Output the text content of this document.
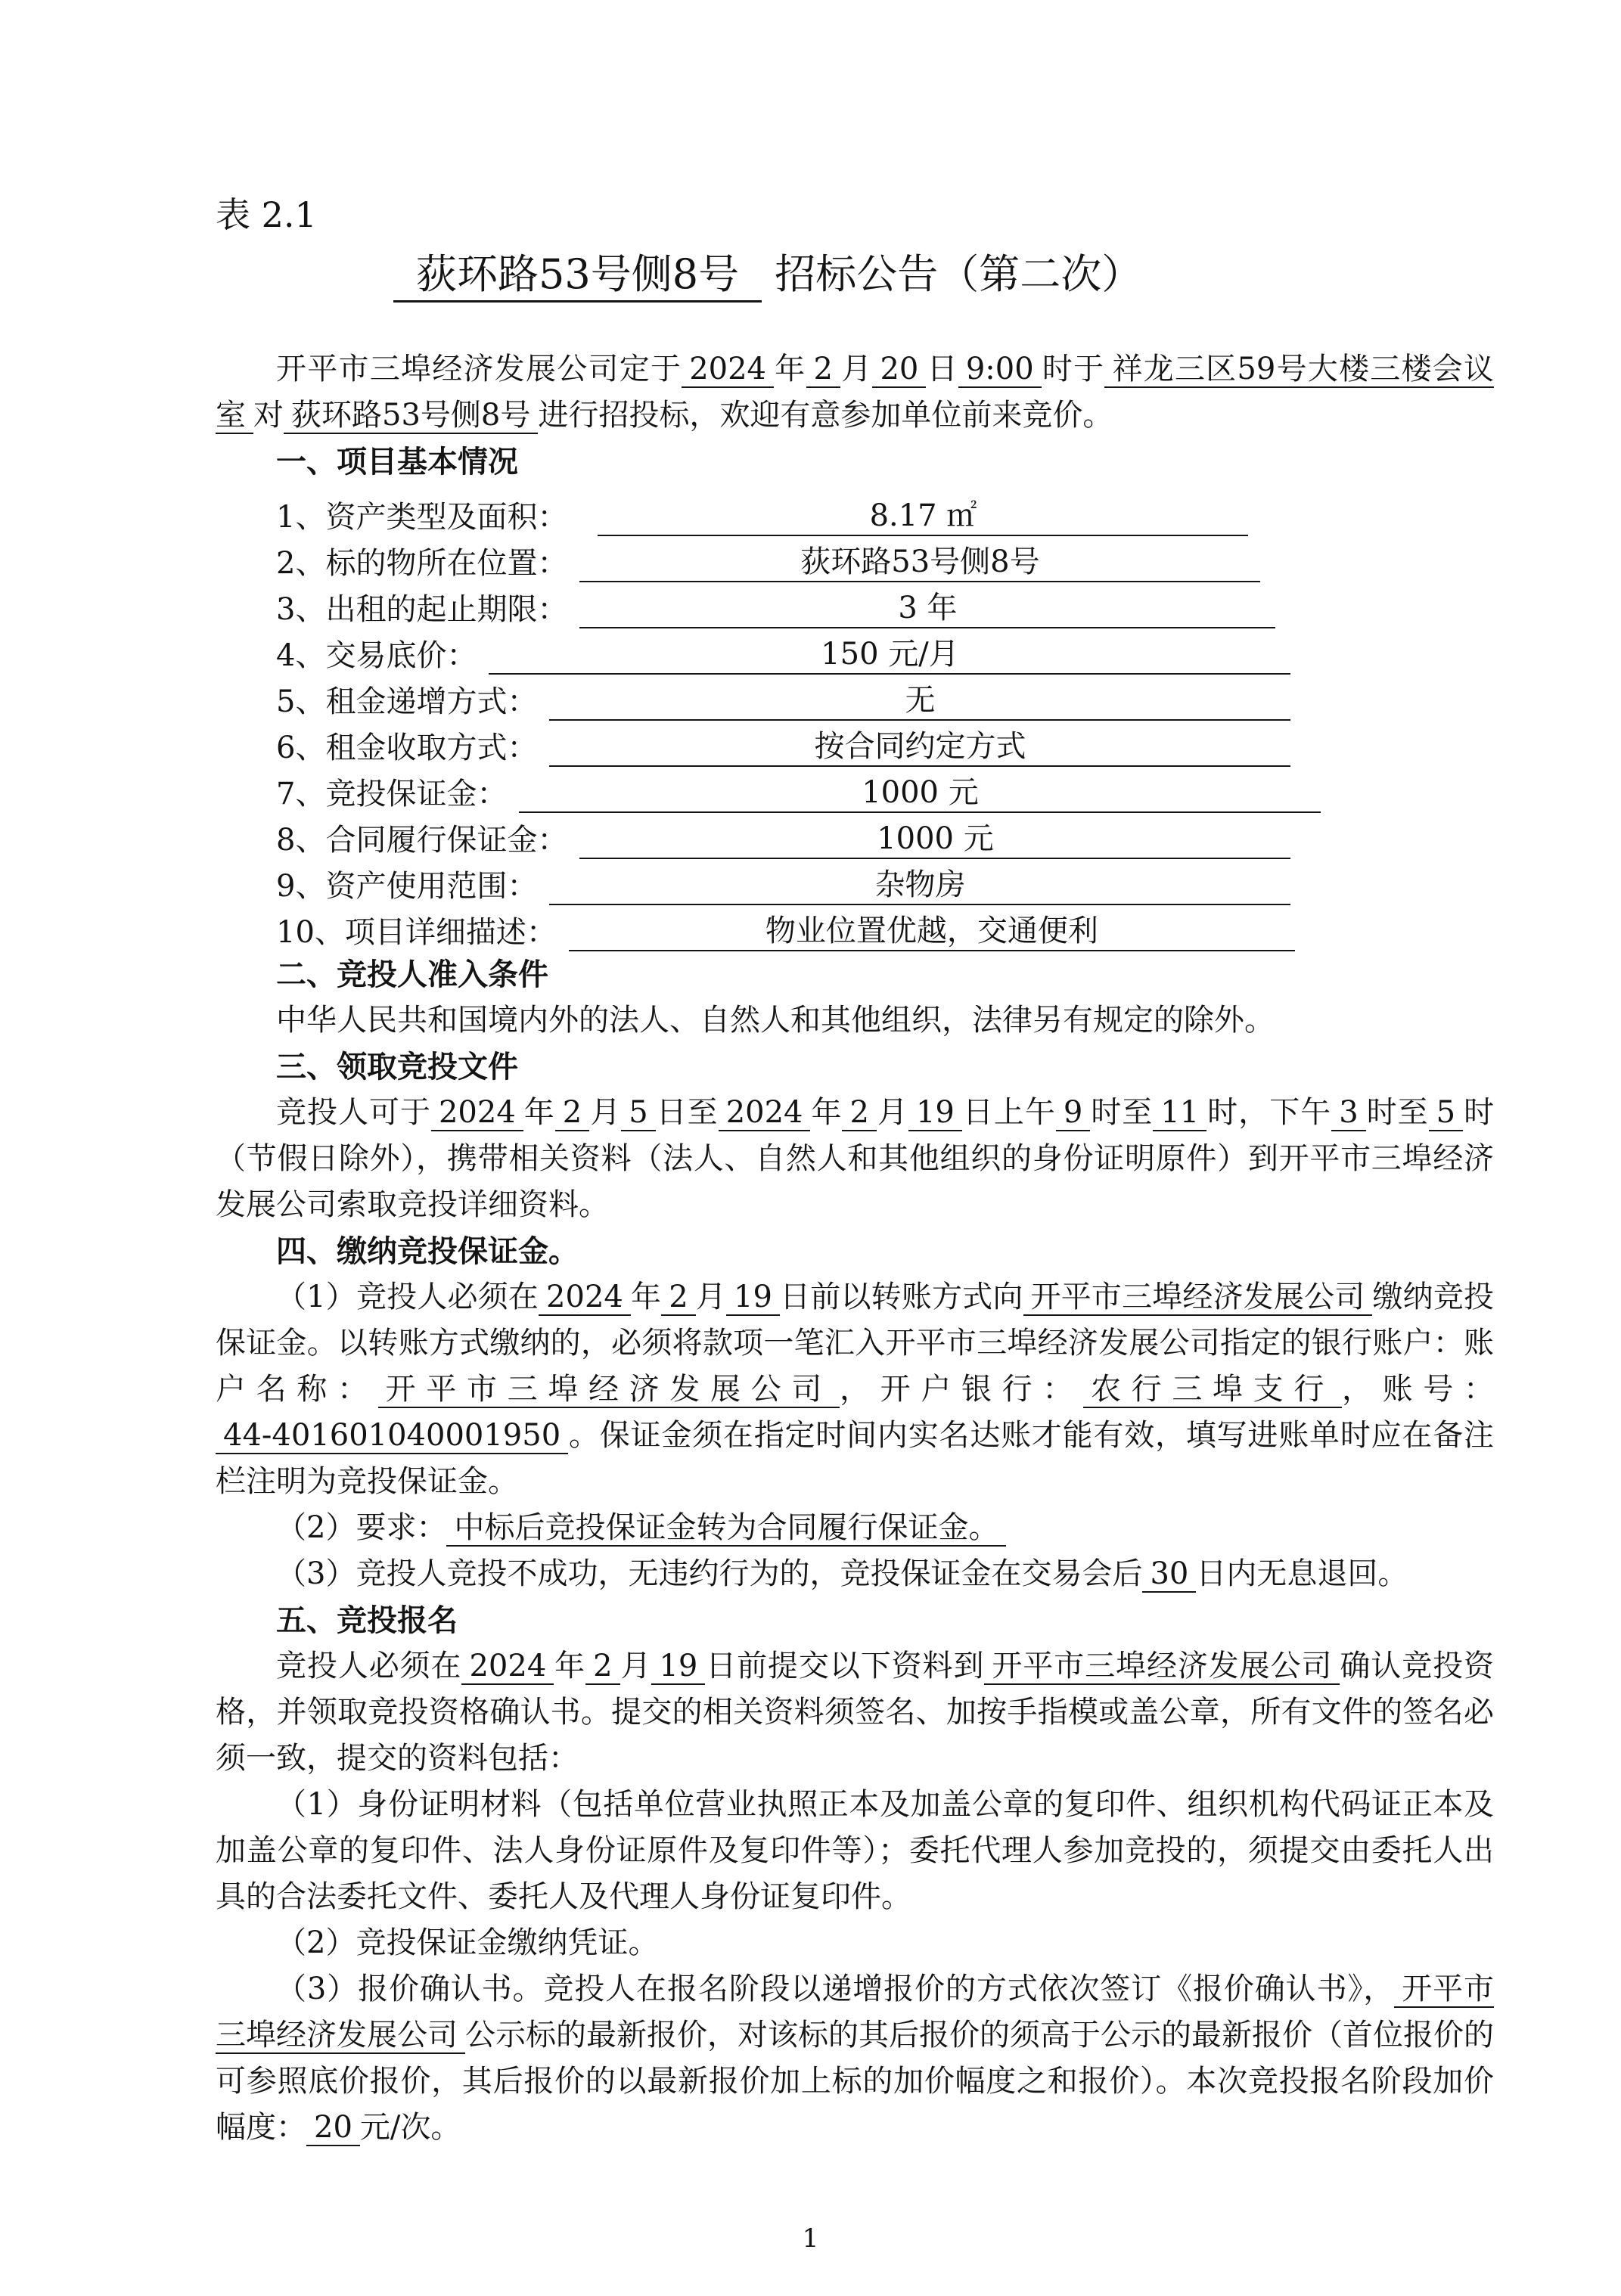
表 2.1
荻环路53号侧8号 招标公告（第二次）

开平市三埠经济发展公司定于 2024 年 2 月 20 日 9:00 时于 祥龙三区59号大楼三楼会议室 对 荻环路53号侧8号 进行招投标，欢迎有意参加单位前来竞价。

一、项目基本情况

1、资产类型及面积：	8.17 ㎡
2、标的物所在位置：	荻环路53号侧8号
3、出租的起止期限：	3 年
4、交易底价：	150 元/月
5、租金递增方式：	无
6、租金收取方式：	按合同约定方式
7、竞投保证金：	1000 元
8、合同履行保证金：	1000 元
9、资产使用范围：	杂物房
10、项目详细描述：	物业位置优越，交通便利

二、竞投人准入条件

中华人民共和国境内外的法人、自然人和其他组织，法律另有规定的除外。

三、领取竞投文件

竞投人可于 2024 年 2 月 5 日至 2024 年 2 月 19 日上午 9 时至 11 时，下午 3 时至 5 时（节假日除外），携带相关资料（法人、自然人和其他组织的身份证明原件）到开平市三埠经济发展公司索取竞投详细资料。

四、缴纳竞投保证金。

（1）竞投人必须在 2024 年 2 月 19 日前以转账方式向 开平市三埠经济发展公司 缴纳竞投保证金。以转账方式缴纳的，必须将款项一笔汇入开平市三埠经济发展公司指定的银行账户：账户名称： 开平市三埠经济发展公司 ，开户银行： 农行三埠支行 ，账号：44-401601040001950 。保证金须在指定时间内实名达账才能有效，填写进账单时应在备注栏注明为竞投保证金。

（2）要求： 中标后竞投保证金转为合同履行保证金。

（3）竞投人竞投不成功，无违约行为的，竞投保证金在交易会后 30 日内无息退回。

五、竞投报名

竞投人必须在 2024 年 2 月 19 日前提交以下资料到 开平市三埠经济发展公司 确认竞投资格，并领取竞投资格确认书。提交的相关资料须签名、加按手指模或盖公章，所有文件的签名必须一致，提交的资料包括：

（1）身份证明材料（包括单位营业执照正本及加盖公章的复印件、组织机构代码证正本及加盖公章的复印件、法人身份证原件及复印件等）；委托代理人参加竞投的，须提交由委托人出具的合法委托文件、委托人及代理人身份证复印件。

（2）竞投保证金缴纳凭证。

（3）报价确认书。竞投人在报名阶段以递增报价的方式依次签订《报价确认书》， 开平市三埠经济发展公司 公示标的最新报价，对该标的其后报价的须高于公示的最新报价（首位报价的可参照底价报价，其后报价的以最新报价加上标的加价幅度之和报价）。本次竞投报名阶段加价幅度： 20 元/次。

1
